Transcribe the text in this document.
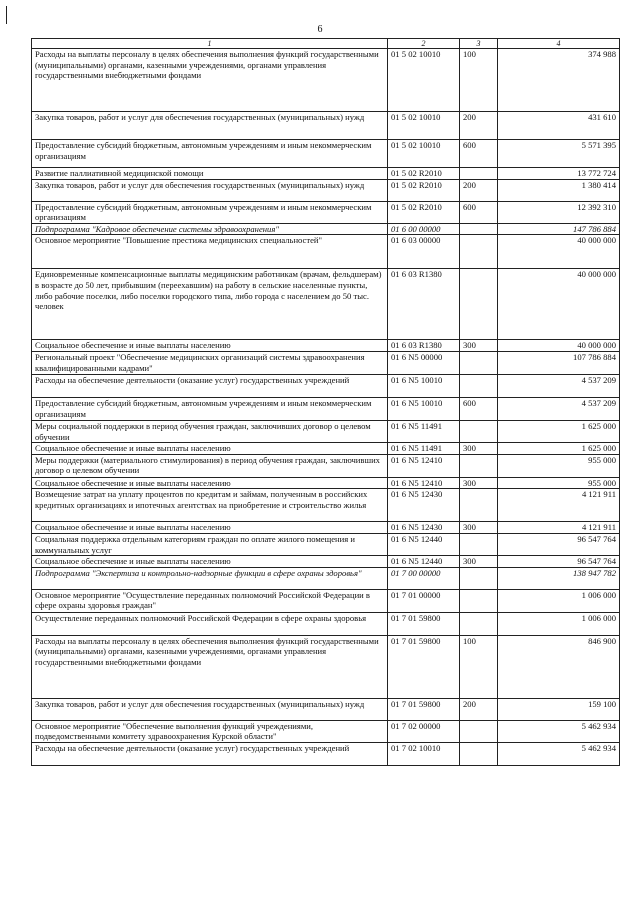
6
1	2	3	4
Расходы на выплаты персоналу в целях обеспечения выполнения функций государственными (муниципальными) органами, казенными учреждениями, органами управления государственными внебюджетными фондами	01 5 02 10010	100	374 988
Закупка товаров, работ и услуг для обеспечения государственных (муниципальных) нужд	01 5 02 10010	200	431 610
Предоставление субсидий бюджетным, автономным учреждениям и иным некоммерческим организациям	01 5 02 10010	600	5 571 395
Развитие паллиативной медицинской помощи	01 5 02 R2010		13 772 724
Закупка товаров, работ и услуг для обеспечения государственных (муниципальных) нужд	01 5 02 R2010	200	1 380 414
Предоставление субсидий бюджетным, автономным учреждениям и иным некоммерческим организациям	01 5 02 R2010	600	12 392 310
Подпрограмма "Кадровое обеспечение системы здравоохранения"	01 6 00 00000		147 786 884
Основное мероприятие "Повышение престижа медицинских специальностей"	01 6 03 00000		40 000 000
Единовременные компенсационные выплаты медицинским работникам (врачам, фельдшерам) в возрасте до 50 лет, прибывшим (переехавшим) на работу в сельские населенные пункты, либо рабочие поселки, либо поселки городского типа, либо города с населением до 50 тыс. человек	01 6 03 R1380		40 000 000
Социальное обеспечение и иные выплаты населению	01 6 03 R1380	300	40 000 000
Региональный проект "Обеспечение медицинских организаций системы здравоохранения квалифицированными кадрами"	01 6 N5 00000		107 786 884
Расходы на обеспечение деятельности (оказание услуг) государственных учреждений	01 6 N5 10010		4 537 209
Предоставление субсидий бюджетным, автономным учреждениям и иным некоммерческим организациям	01 6 N5 10010	600	4 537 209
Меры социальной поддержки в период обучения граждан, заключивших договор о целевом обучении	01 6 N5 11491		1 625 000
Социальное обеспечение и иные выплаты населению	01 6 N5 11491	300	1 625 000
Меры поддержки (материального стимулирования) в период обучения граждан, заключивших договор о целевом обучении	01 6 N5 12410		955 000
Социальное обеспечение и иные выплаты населению	01 6 N5 12410	300	955 000
Возмещение затрат на уплату процентов по кредитам и займам, полученным в российских кредитных организациях и ипотечных агентствах на приобретение и строительство жилья	01 6 N5 12430		4 121 911
Социальное обеспечение и иные выплаты населению	01 6 N5 12430	300	4 121 911
Социальная поддержка отдельным категориям граждан по оплате жилого помещения и коммунальных услуг	01 6 N5 12440		96 547 764
Социальное обеспечение и иные выплаты населению	01 6 N5 12440	300	96 547 764
Подпрограмма "Экспертиза и контрольно-надзорные функции в сфере охраны здоровья"	01 7 00 00000		138 947 782
Основное мероприятие "Осуществление переданных полномочий Российской Федерации в сфере охраны здоровья граждан"	01 7 01 00000		1 006 000
Осуществление переданных полномочий Российской Федерации в сфере охраны здоровья	01 7 01 59800		1 006 000
Расходы на выплаты персоналу в целях обеспечения выполнения функций государственными (муниципальными) органами, казенными учреждениями, органами управления государственными внебюджетными фондами	01 7 01 59800	100	846 900
Закупка товаров, работ и услуг для обеспечения государственных (муниципальных) нужд	01 7 01 59800	200	159 100
Основное мероприятие "Обеспечение выполнения функций учреждениями, подведомственными комитету здравоохранения Курской области"	01 7 02 00000		5 462 934
Расходы на обеспечение деятельности (оказание услуг) государственных учреждений	01 7 02 10010		5 462 934
